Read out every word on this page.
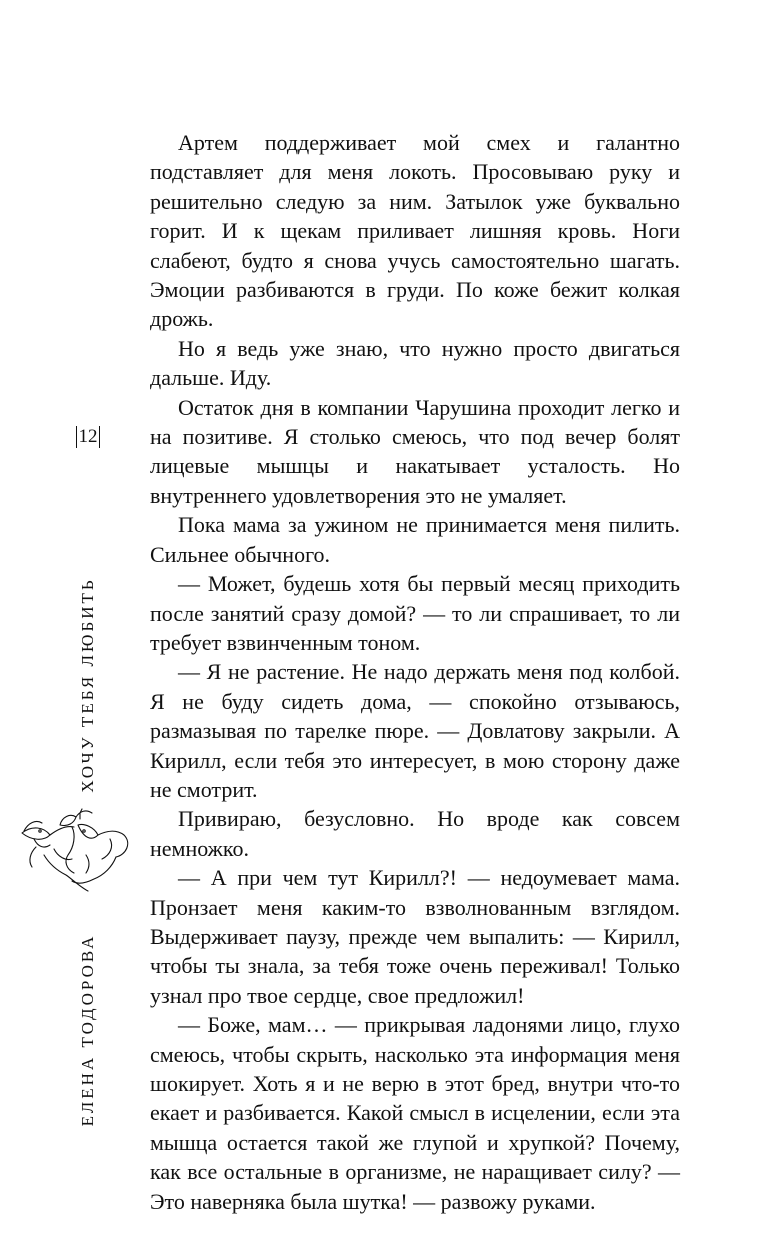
12
ХОЧУ ТЕБЯ ЛЮБИТЬ
ЕЛЕНА ТОДОРОВА

Артем поддерживает мой смех и галантно подставляет для меня локоть. Просовываю руку и решительно следую за ним. Затылок уже буквально горит. И к щекам приливает лишняя кровь. Ноги слабеют, будто я снова учусь самостоятельно шагать. Эмоции разбиваются в груди. По коже бежит колкая дрожь.

Но я ведь уже знаю, что нужно просто двигаться дальше. Иду.

Остаток дня в компании Чарушина проходит легко и на позитиве. Я столько смеюсь, что под вечер болят лицевые мышцы и накатывает усталость. Но внутреннего удовлетворения это не умаляет.

Пока мама за ужином не принимается меня пилить. Сильнее обычного.

— Может, будешь хотя бы первый месяц приходить после занятий сразу домой? — то ли спрашивает, то ли требует взвинченным тоном.

— Я не растение. Не надо держать меня под колбой. Я не буду сидеть дома, — спокойно отзываюсь, размазывая по тарелке пюре. — Довлатову закрыли. А Кирилл, если тебя это интересует, в мою сторону даже не смотрит.

Привираю, безусловно. Но вроде как совсем немножко.

— А при чем тут Кирилл?! — недоумевает мама. Пронзает меня каким-то взволнованным взглядом. Выдерживает паузу, прежде чем выпалить: — Кирилл, чтобы ты знала, за тебя тоже очень переживал! Только узнал про твое сердце, свое предложил!

— Боже, мам… — прикрывая ладонями лицо, глухо смеюсь, чтобы скрыть, насколько эта информация меня шокирует. Хоть я и не верю в этот бред, внутри что-то екает и разбивается. Какой смысл в исцелении, если эта мышца остается такой же глупой и хрупкой? Почему, как все остальные в организме, не наращивает силу? — Это наверняка была шутка! — развожу руками.
